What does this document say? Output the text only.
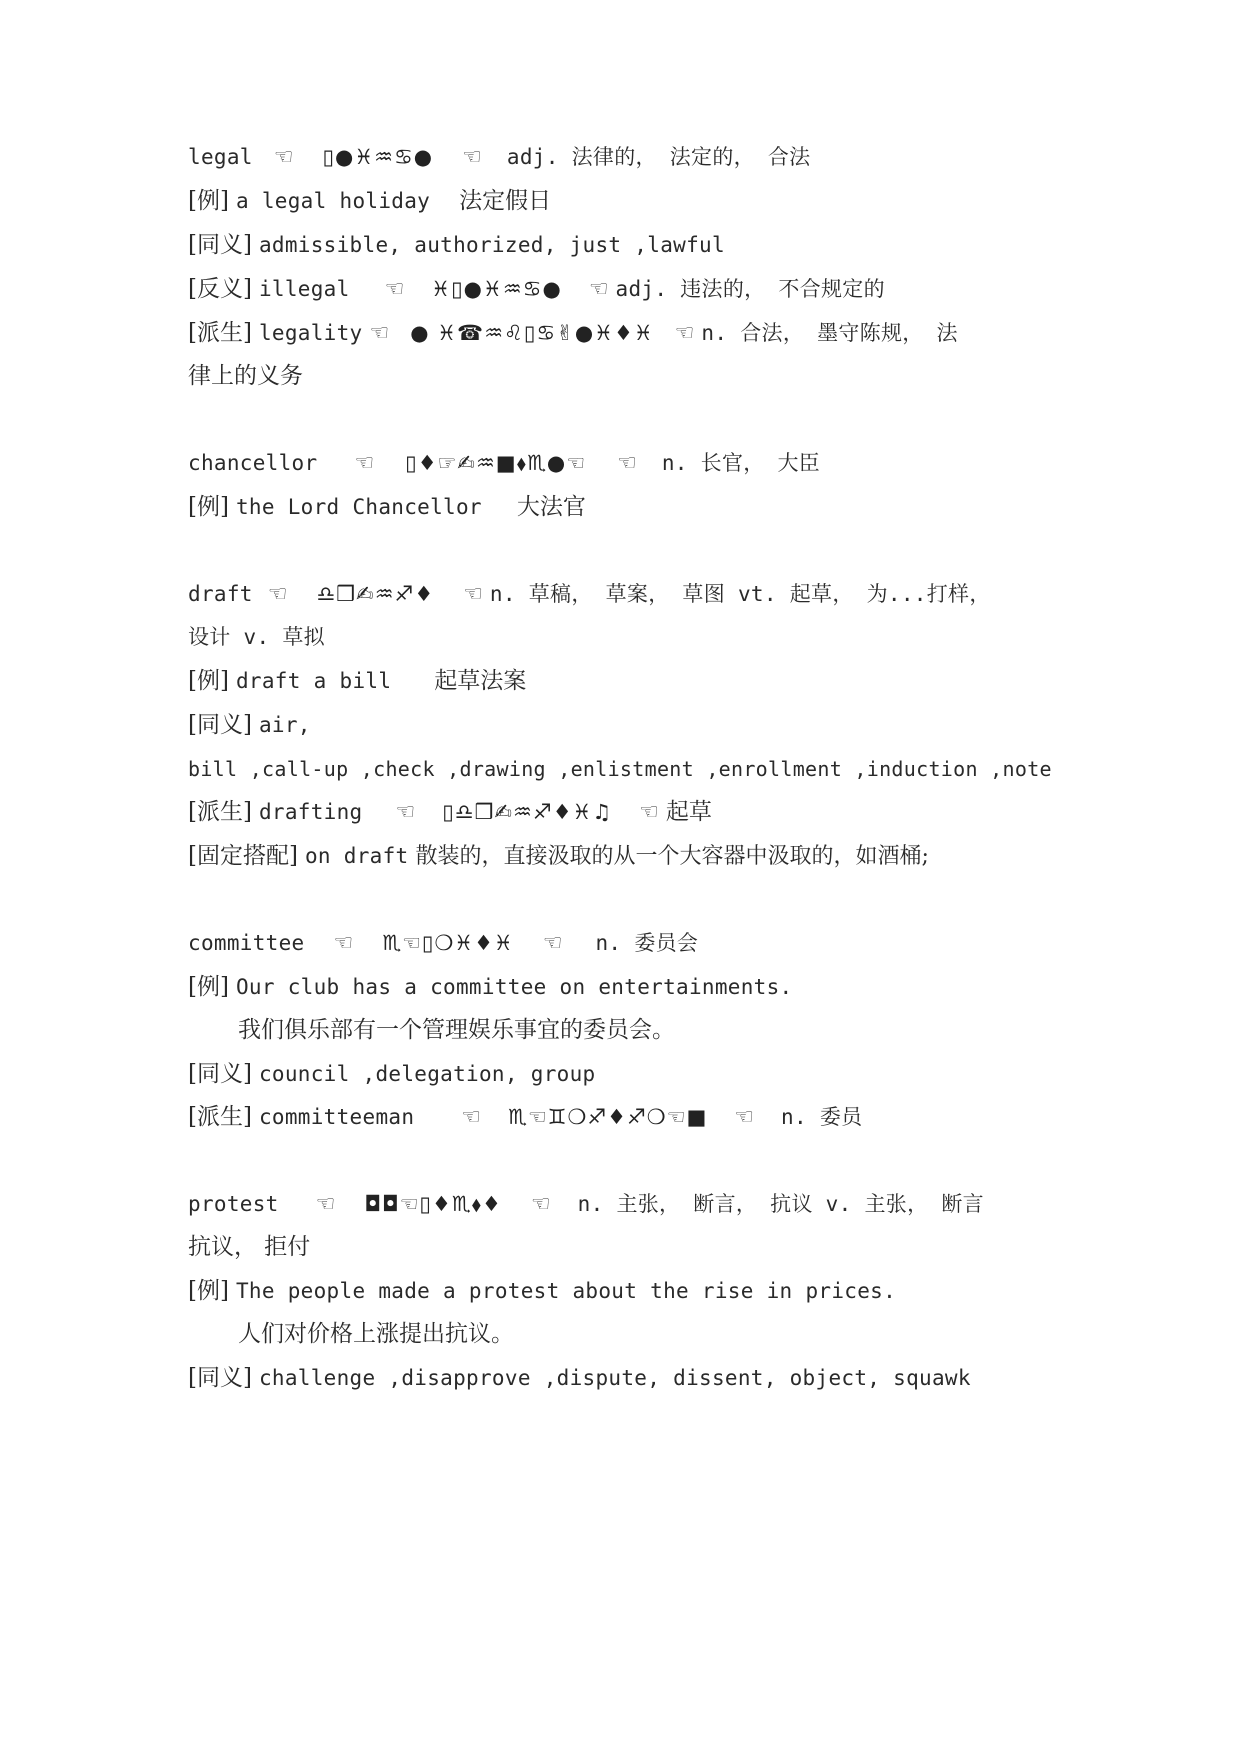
legal ☜ ▯●♓♒♋● ☜ adj. 法律的， 法定的， 合法
[例] a legal holiday 法定假日
[同义] admissible, authorized, just ,lawful
[反义] illegal ☜ ♓▯●♓♒♋● ☜ adj. 违法的， 不合规定的
[派生] legality ☜ ● ♓☎♒♌▯♋✌●♓♦♓ ☜ n. 合法， 墨守陈规， 法
律上的义务
chancellor ☜ ▯♦☞✍♒■⬧♏●☜ ☜ n. 长官， 大臣
[例] the Lord Chancellor 大法官
draft ☜ ♎❒✍♒♐♦ ☜ n. 草稿， 草案， 草图 vt. 起草， 为...打样，
设计 v. 草拟
[例] draft a bill 起草法案
[同义] air,
bill ,call-up ,check ,drawing ,enlistment ,enrollment ,induction ,note
[派生] drafting ☜ ▯♎❒✍♒♐♦♓♫ ☜ 起草
[固定搭配] on draft 散装的，直接汲取的从一个大容器中汲取的，如酒桶;
committee ☜ ♏☜▯❍♓♦♓ ☜ n. 委员会
[例] Our club has a committee on entertainments.
我们俱乐部有一个管理娱乐事宜的委员会。
[同义] council ,delegation, group
[派生] committeeman ☜ ♏☜♊❍♐♦♐❍☜■ ☜ n. 委员
protest ☜ ◘◘☜▯♦♏⬧♦ ☜ n. 主张， 断言， 抗议 v. 主张， 断言
抗议， 拒付
[例] The people made a protest about the rise in prices.
人们对价格上涨提出抗议。
[同义] challenge ,disapprove ,dispute, dissent, object, squawk
